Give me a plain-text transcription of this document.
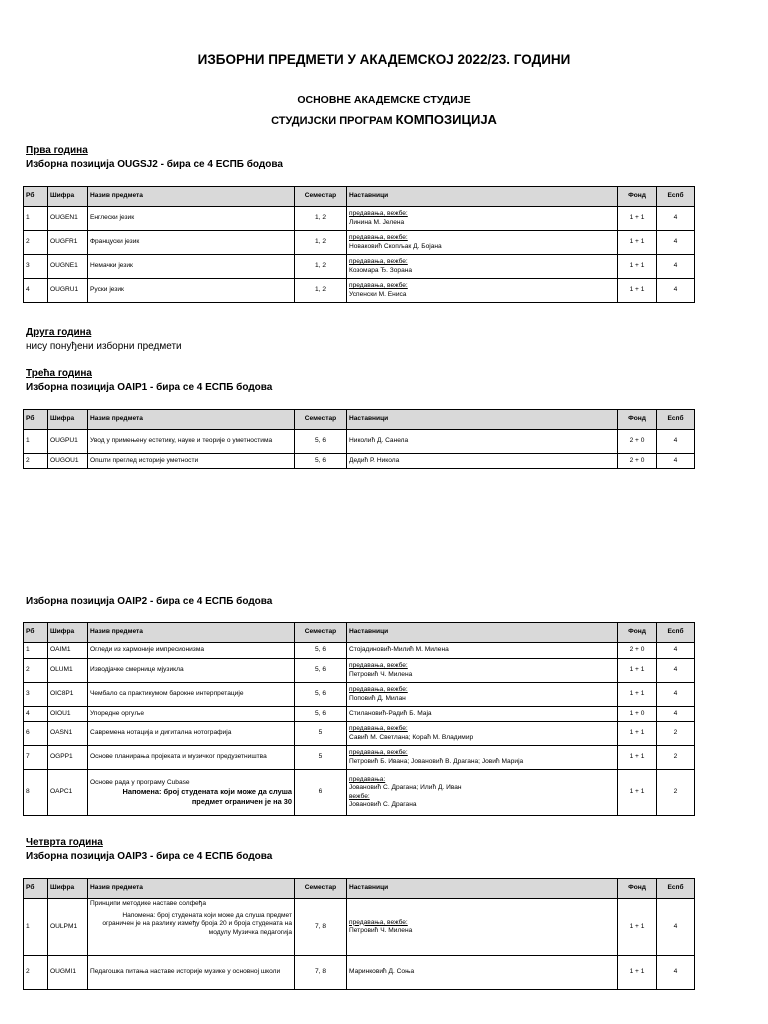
ИЗБОРНИ ПРЕДМЕТИ У АКАДЕМСКОЈ 2022/23. ГОДИНИ
ОСНОВНЕ АКАДЕМСКЕ СТУДИЈЕ
СТУДИЈСКИ ПРОГРАМ КОМПОЗИЦИЈА
Прва година
Изборна позиција OUGSJ2 - бира се 4 ЕСПБ бодова
Рб	Шифра	Назив предмета	Семестар	Наставници	Фонд	Еспб
1	OUGEN1	Енглески језик	1, 2	предавања, вежбе:
Линина М. Јелена	1 + 1	4
2	OUGFR1	Француски језик	1, 2	предавања, вежбе:
Новаковић Скопљак Д. Бојана	1 + 1	4
3	OUGNE1	Немачки језик	1, 2	предавања, вежбе:
Козомара Ђ. Зорана	1 + 1	4
4	OUGRU1	Руски језик	1, 2	предавања, вежбе:
Успенски М. Ениса	1 + 1	4
Друга година
нису понуђени изборни предмети
Трећа година
Изборна позиција OAIP1 - бира се 4 ЕСПБ бодова
Рб	Шифра	Назив предмета	Семестар	Наставници	Фонд	Еспб
1	OUGPU1	Увод у примењену естетику, науке и теорије о уметностима	5, 6	Николић Д. Санела	2 + 0	4
2	OUGOU1	Општи преглед историје уметности	5, 6	Дедић Р. Никола	2 + 0	4
Изборна позиција OAIP2 - бира се 4 ЕСПБ бодова
Рб	Шифра	Назив предмета	Семестар	Наставници	Фонд	Еспб
1	OAIM1	Огледи из хармоније импресионизма	5, 6	Стојадиновић-Милић М. Милена	2 + 0	4
2	OLUM1	Изводјачке смернице мјузикла	5, 6	предавања, вежбе:
Петровић Ч. Милена	1 + 1	4
3	OIC8P1	Чембало са практикумом барокне интерпретације	5, 6	предавања, вежбе:
Поповић Д. Милан	1 + 1	4
4	OIOU1	Упоредне оргуље	5, 6	Стилановић-Радић Б. Маја	1 + 0	4
6	OASN1	Савремена нотација и дигитална нотографија	5	предавања, вежбе:
Савић М. Светлана; Корaћ М. Владимир	1 + 1	2
7	OGPP1	Основе планирања пројеката и музичког предузетништва	5	предавања, вежбе:
Петровић Б. Ивана; Јовановић В. Драгана; Јовић Марија	1 + 1	2
8	OAPC1	Основе рада у програму Cubase
Напомена: број студената који може да слуша
предмет ограничен је на 30	6	предавања:
Јовановић С. Драгана; Илић Д. Иван
вежбе:
Јовановић С. Драгана	1 + 1	2
Четврта година
Изборна позиција OAIP3 - бира се 4 ЕСПБ бодова
Рб	Шифра	Назив предмета	Семестар	Наставници	Фонд	Еспб
1	OULPM1	Принципи методике наставе солфеђа
Напомена: број студената који може да слуша предмет ограничен је на разлику између броја 20 и броја студената на модулу Музичка педагогија	7, 8	предавања, вежбе:
Петровић Ч. Милена	1 + 1	4
2	OUGMI1	Педагошка питања наставе историје музике у основној школи	7, 8	Маринковић Д. Соња	1 + 1	4
